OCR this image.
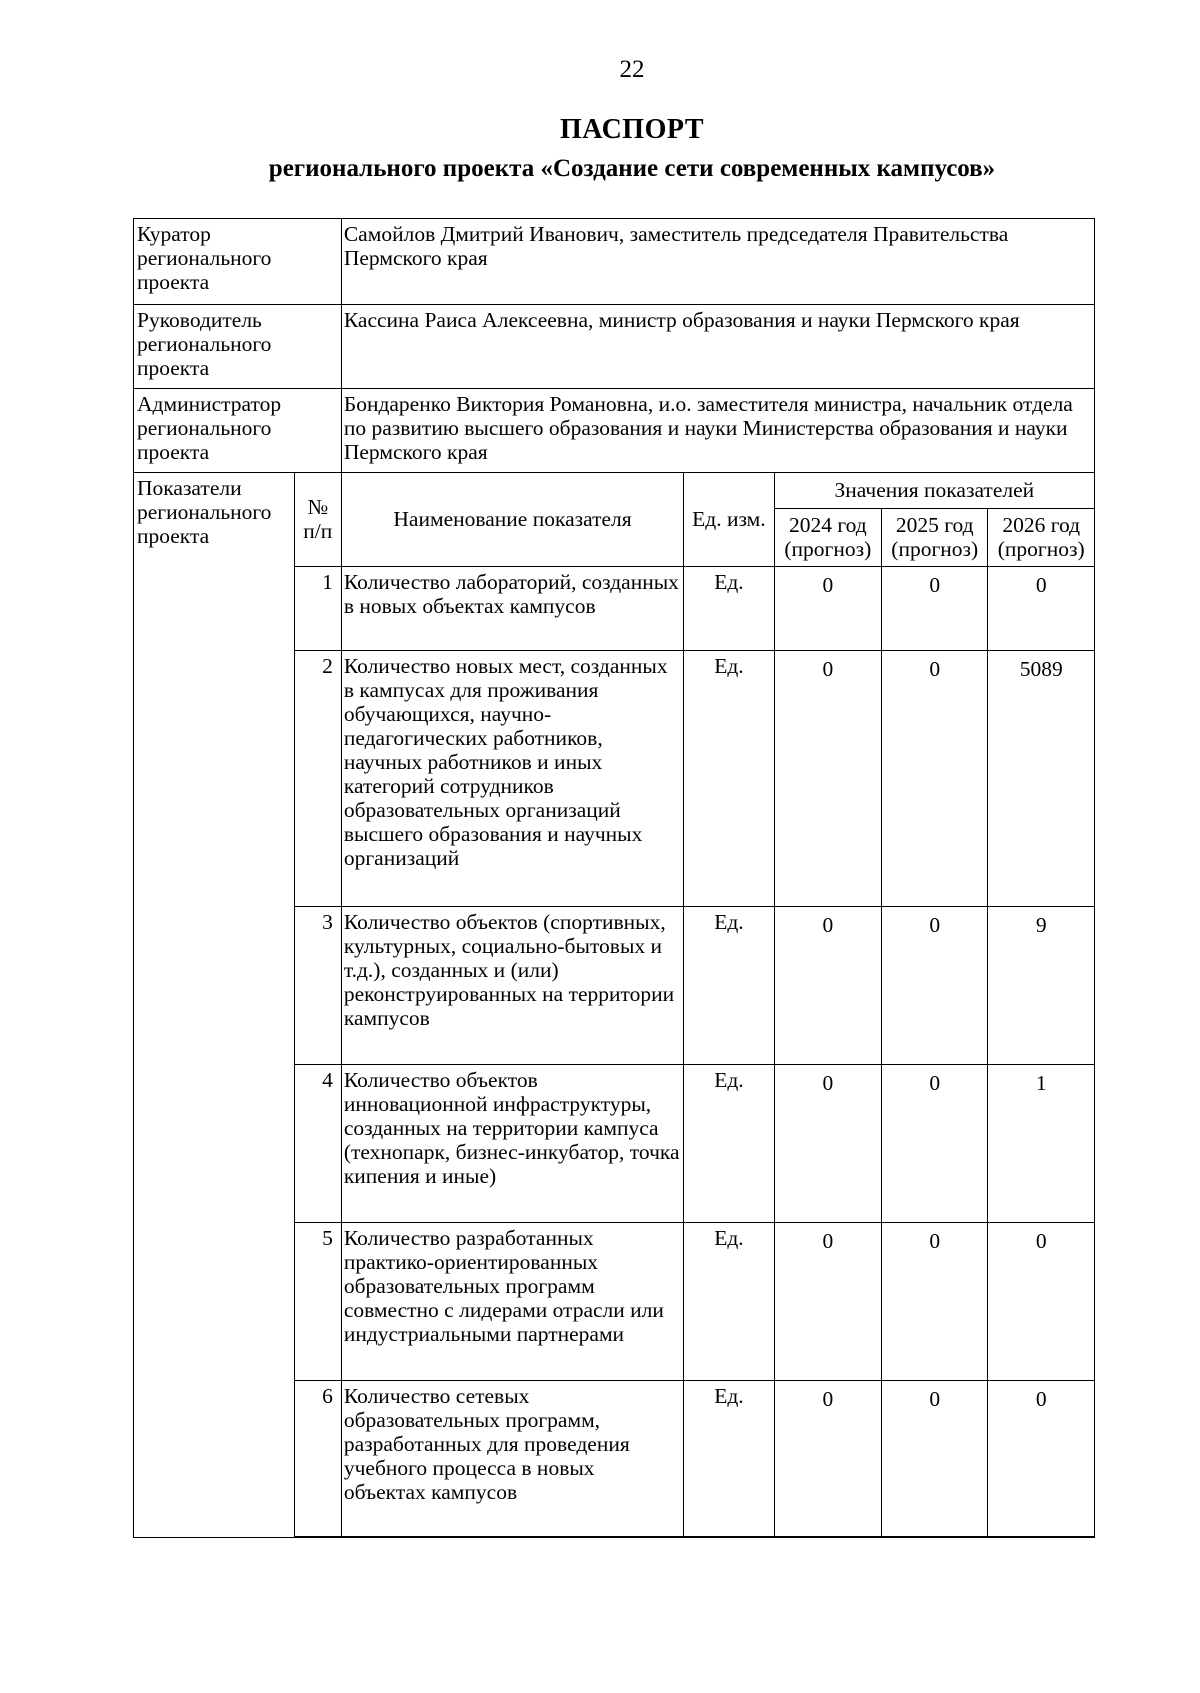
22
ПАСПОРТ
регионального проекта «Создание сети современных кампусов»
Куратор регионального проекта		Самойлов Дмитрий Иванович, заместитель председателя Правительства Пермского края				
Руководитель регионального проекта		Кассина Раиса Алексеевна, министр образования и науки Пермского края				
Администратор регионального проекта		Бондаренко Виктория Романовна, и.о. заместителя министра, начальник отдела по развитию высшего образования и науки Министерства образования и науки Пермского края				
Показатели регионального проекта	№ п/п	Наименование показателя	Ед. изм.	Значения показателей		
				2024 год (прогноз)	2025 год (прогноз)	2026 год (прогноз)
	1	Количество лабораторий, созданных в новых объектах кампусов	Ед.	0	0	0
	2	Количество новых мест, созданных в кампусах для проживания обучающихся, научно-педагогических работников, научных работников и иных категорий сотрудников образовательных организаций высшего образования и научных организаций	Ед.	0	0	5089
	3	Количество объектов (спортивных, культурных, социально-бытовых и т.д.), созданных и (или) реконструированных на территории кампусов	Ед.	0	0	9
	4	Количество объектов инновационной инфраструктуры, созданных на территории кампуса (технопарк, бизнес-инкубатор, точка кипения и иные)	Ед.	0	0	1
	5	Количество разработанных практико-ориентированных образовательных программ совместно с лидерами отрасли или индустриальными партнерами	Ед.	0	0	0
	6	Количество сетевых образовательных программ, разработанных для проведения учебного процесса в новых объектах кампусов	Ед.	0	0	0
